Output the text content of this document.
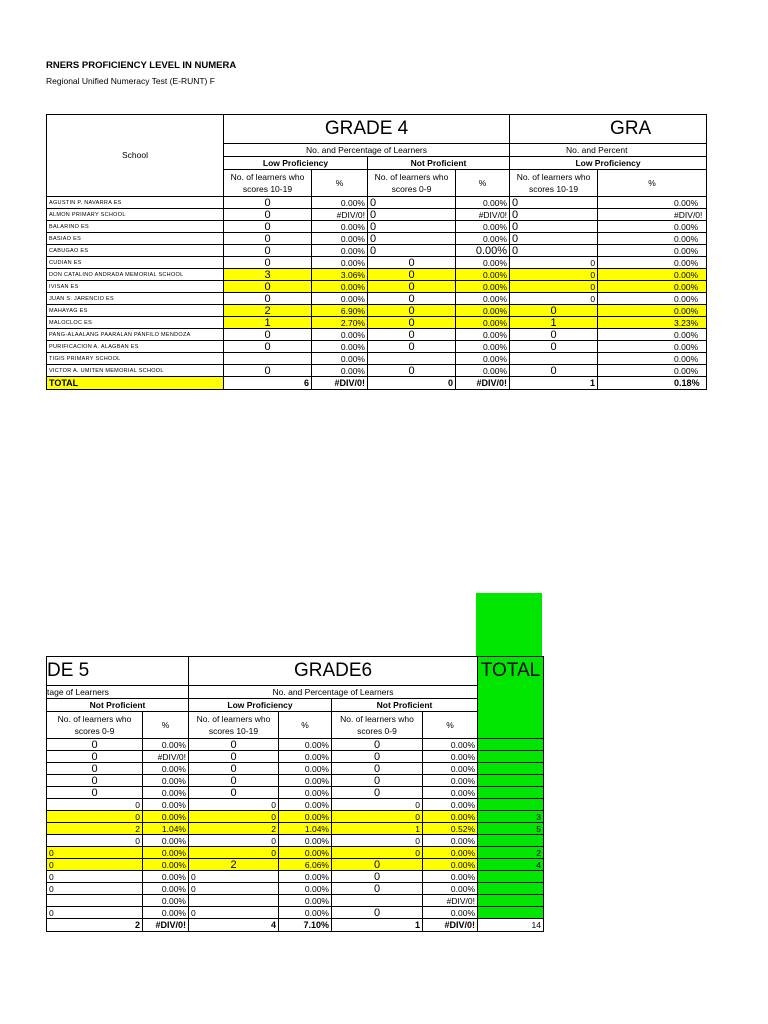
RNERS PROFICIENCY LEVEL IN NUMERA
Regional Unified Numeracy Test (E-RUNT) F
School	GRADE 4				GRA	
	No. and Percentage of Learners				No. and Percent	
	Low Proficiency		Not Proficient		Low Proficiency	
	No. of learners who scores 10-19	%	No. of learners who scores 0-9	%	No. of learners who scores 10-19	%
AGUSTIN P. NAVARRA ES	0	0.00%	0	0.00%	0	0.00%
ALMON PRIMARY SCHOOL	0	#DIV/0!	0	#DIV/0!	0	#DIV/0!
BALARINO ES	0	0.00%	0	0.00%	0	0.00%
BASIAO ES	0	0.00%	0	0.00%	0	0.00%
CABUGAO ES	0	0.00%	0	0.00%	0	0.00%
CUDIAN ES	0	0.00%	0	0.00%	0	0.00%
DON CATALINO ANDRADA MEMORIAL SCHOOL	3	3.06%	0	0.00%	0	0.00%
IVISAN ES	0	0.00%	0	0.00%	0	0.00%
JUAN S. JARENCIO ES	0	0.00%	0	0.00%	0	0.00%
MAHAYAG ES	2	6.90%	0	0.00%	0	0.00%
MALOCLOC ES	1	2.70%	0	0.00%	1	3.23%
PANG-ALAALANG PAARALAN PANFILO MENDOZA	0	0.00%	0	0.00%	0	0.00%
PURIFICACION A. ALAGBAN ES	0	0.00%	0	0.00%	0	0.00%
TIGIS PRIMARY SCHOOL		0.00%		0.00%		0.00%
VICTOR A. UMITEN MEMORIAL SCHOOL	0	0.00%	0	0.00%	0	0.00%
TOTAL	6	#DIV/0!	0	#DIV/0!	1	0.18%
DE 5		GRADE6				TOTAL
tage of Learners		No. and Percentage of Learners				
Not Proficient		Low Proficiency		Not Proficient		
No. of learners who scores 0-9	%	No. of learners who scores 10-19	%	No. of learners who scores 0-9	%	
0	0.00%	0	0.00%	0	0.00%	
0	#DIV/0!	0	0.00%	0	0.00%	
0	0.00%	0	0.00%	0	0.00%	
0	0.00%	0	0.00%	0	0.00%	
0	0.00%	0	0.00%	0	0.00%	
0	0.00%	0	0.00%	0	0.00%	
0	0.00%	0	0.00%	0	0.00%	3
2	1.04%	2	1.04%	1	0.52%	5
0	0.00%	0	0.00%	0	0.00%	
0	0.00%	0	0.00%	0	0.00%	2
0	0.00%	2	6.06%	0	0.00%	4
0	0.00%	0	0.00%	0	0.00%	
0	0.00%	0	0.00%	0	0.00%	
	0.00%		0.00%		#DIV/0!	
0	0.00%	0	0.00%	0	0.00%	
2	#DIV/0!	4	7.10%	1	#DIV/0!	14
